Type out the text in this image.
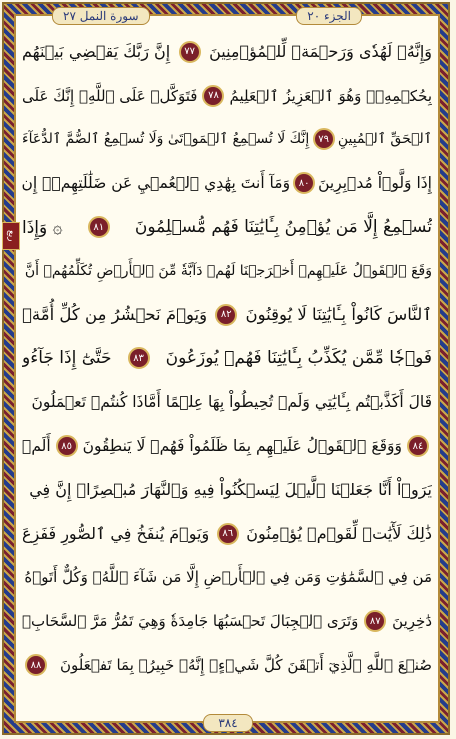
سورة النمل ٢٧	الجزء ٢٠
ربع
وَإِنَّهُۥ لَهُدٗى وَرَحۡمَةٞ لِّلۡمُؤۡمِنِينَ
٧٧
إِنَّ رَبَّكَ يَقۡضِي بَيۡنَهُم
بِحُكۡمِهِۦۚ وَهُوَ ٱلۡعَزِيزُ ٱلۡعَلِيمُ
٧٨
فَتَوَكَّلۡ عَلَى ٱللَّهِۖ إِنَّكَ عَلَى
ٱلۡحَقِّ ٱلۡمُبِينِ
٧٩
إِنَّكَ لَا تُسۡمِعُ ٱلۡمَوۡتَىٰ وَلَا تُسۡمِعُ ٱلصُّمَّ ٱلدُّعَآءَ
إِذَا وَلَّوۡاْ مُدۡبِرِينَ
٨٠
وَمَآ أَنتَ بِهَٰدِي ٱلۡعُمۡيِ عَن ضَلَٰلَتِهِمۡۖ إِن
تُسۡمِعُ إِلَّا مَن يُؤۡمِنُ بِـَٔايَٰتِنَا فَهُم مُّسۡلِمُونَ
٨١
۞ وَإِذَا
وَقَعَ ٱلۡقَوۡلُ عَلَيۡهِمۡ أَخۡرَجۡنَا لَهُمۡ دَآبَّةٗ مِّنَ ٱلۡأَرۡضِ تُكَلِّمُهُمۡ أَنَّ
ٱلنَّاسَ كَانُواْ بِـَٔايَٰتِنَا لَا يُوقِنُونَ
٨٢
وَيَوۡمَ نَحۡشُرُ مِن كُلِّ أُمَّةٖ
فَوۡجٗا مِّمَّن يُكَذِّبُ بِـَٔايَٰتِنَا فَهُمۡ يُوزَعُونَ
٨٣
حَتَّىٰٓ إِذَا جَآءُو
قَالَ أَكَذَّبۡتُم بِـَٔايَٰتِي وَلَمۡ تُحِيطُواْ بِهَا عِلۡمًا أَمَّاذَا كُنتُمۡ تَعۡمَلُونَ
٨٤
وَوَقَعَ ٱلۡقَوۡلُ عَلَيۡهِم بِمَا ظَلَمُواْ فَهُمۡ لَا يَنطِقُونَ
٨٥
أَلَمۡ
يَرَوۡاْ أَنَّا جَعَلۡنَا ٱلَّيۡلَ لِيَسۡكُنُواْ فِيهِ وَٱلنَّهَارَ مُبۡصِرًاۚ إِنَّ فِي
ذَٰلِكَ لَأٓيَٰتٖ لِّقَوۡمٖ يُؤۡمِنُونَ
٨٦
وَيَوۡمَ يُنفَخُ فِي ٱلصُّورِ فَفَزِعَ
مَن فِي ٱلسَّمَٰوَٰتِ وَمَن فِي ٱلۡأَرۡضِ إِلَّا مَن شَآءَ ٱللَّهُۚ وَكُلٌّ أَتَوۡهُ
دَٰخِرِينَ
٨٧
وَتَرَى ٱلۡجِبَالَ تَحۡسَبُهَا جَامِدَةٗ وَهِيَ تَمُرُّ مَرَّ ٱلسَّحَابِۚ
صُنۡعَ ٱللَّهِ ٱلَّذِيٓ أَتۡقَنَ كُلَّ شَيۡءٍۚ إِنَّهُۥ خَبِيرُۢ بِمَا تَفۡعَلُونَ
٨٨
٣٨٤
